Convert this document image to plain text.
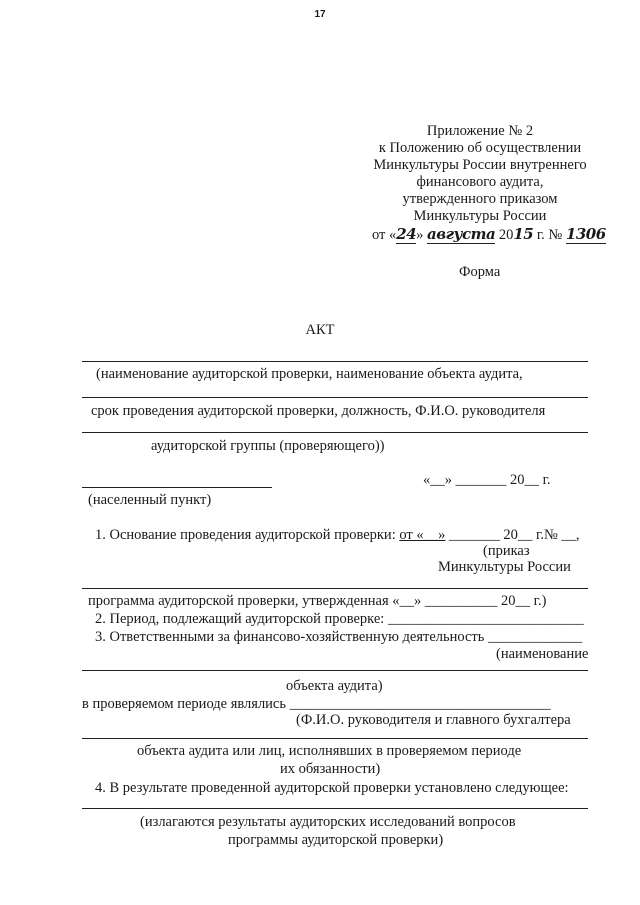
17
Приложение № 2
к Положению об осуществлении
Минкультуры России внутреннего
финансового аудита,
утвержденного приказом
Минкультуры России
от «24» августа 2015 г. № 1306
Форма
АКТ
(наименование аудиторской проверки, наименование объекта аудита,
срок проведения аудиторской проверки, должность, Ф.И.О. руководителя
аудиторской группы (проверяющего))
«__» _______ 20__ г.
(населенный пункт)
1. Основание проведения аудиторской проверки: от «__» _______ 20__ г.№ __,
(приказ
Минкультуры России
программа аудиторской проверки, утвержденная «__» __________ 20__ г.)
2. Период, подлежащий аудиторской проверке: ___________________________
3. Ответственными за финансово-хозяйственную деятельность _____________
(наименование
объекта аудита)
в проверяемом периоде являлись ____________________________________
(Ф.И.О. руководителя и главного бухгалтера
объекта аудита или лиц, исполнявших в проверяемом периоде
их обязанности)
4. В результате проведенной аудиторской проверки установлено следующее:
(излагаются результаты аудиторских исследований вопросов
программы аудиторской проверки)
